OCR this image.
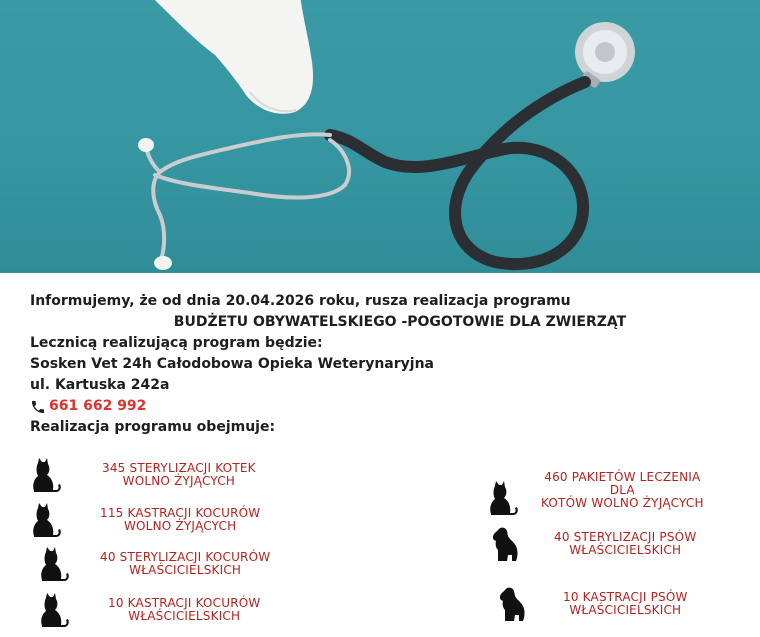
Informujemy, że od dnia 20.04.2026 roku, rusza realizacja programu
BUDŻETU OBYWATELSKIEGO -POGOTOWIE DLA ZWIERZĄT
Lecznicą realizującą program będzie:
Sosken Vet 24h Całodobowa Opieka Weterynaryjna
ul. Kartuska 242a
661 662 992
Realizacja programu obejmuje:
345 STERYLIZACJI KOTEK
WOLNO ŻYJĄCYCH
115 KASTRACJI KOCURÓW
WOLNO ŻYJĄCYCH
40 STERYLIZACJI KOCURÓW
WŁAŚCICIELSKICH
10 KASTRACJI KOCURÓW
WŁAŚCICIELSKICH
460 PAKIETÓW LECZENIA
DLA
KOTÓW WOLNO ŻYJĄCYCH
40 STERYLIZACJI PSÓW
WŁAŚCICIELSKICH
10 KASTRACJI PSÓW
WŁAŚCICIELSKICH
